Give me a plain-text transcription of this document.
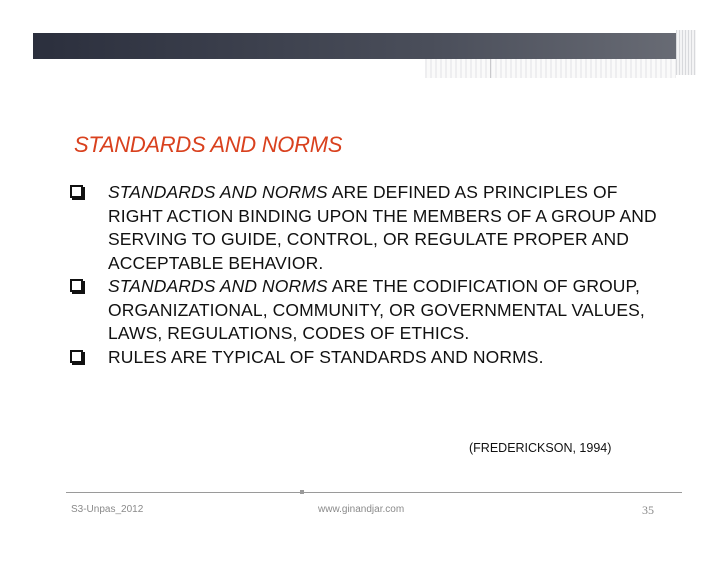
STANDARDS AND NORMS
STANDARDS AND NORMS ARE DEFINED AS PRINCIPLES OF RIGHT ACTION BINDING UPON THE MEMBERS OF A GROUP AND SERVING TO GUIDE, CONTROL, OR REGULATE PROPER AND ACCEPTABLE BEHAVIOR.
STANDARDS AND NORMS ARE THE CODIFICATION OF GROUP, ORGANIZATIONAL, COMMUNITY, OR GOVERNMENTAL VALUES, LAWS, REGULATIONS, CODES OF ETHICS.
RULES ARE TYPICAL OF STANDARDS AND NORMS.
(FREDERICKSON, 1994)
S3-Unpas_2012	www.ginandjar.com	35
